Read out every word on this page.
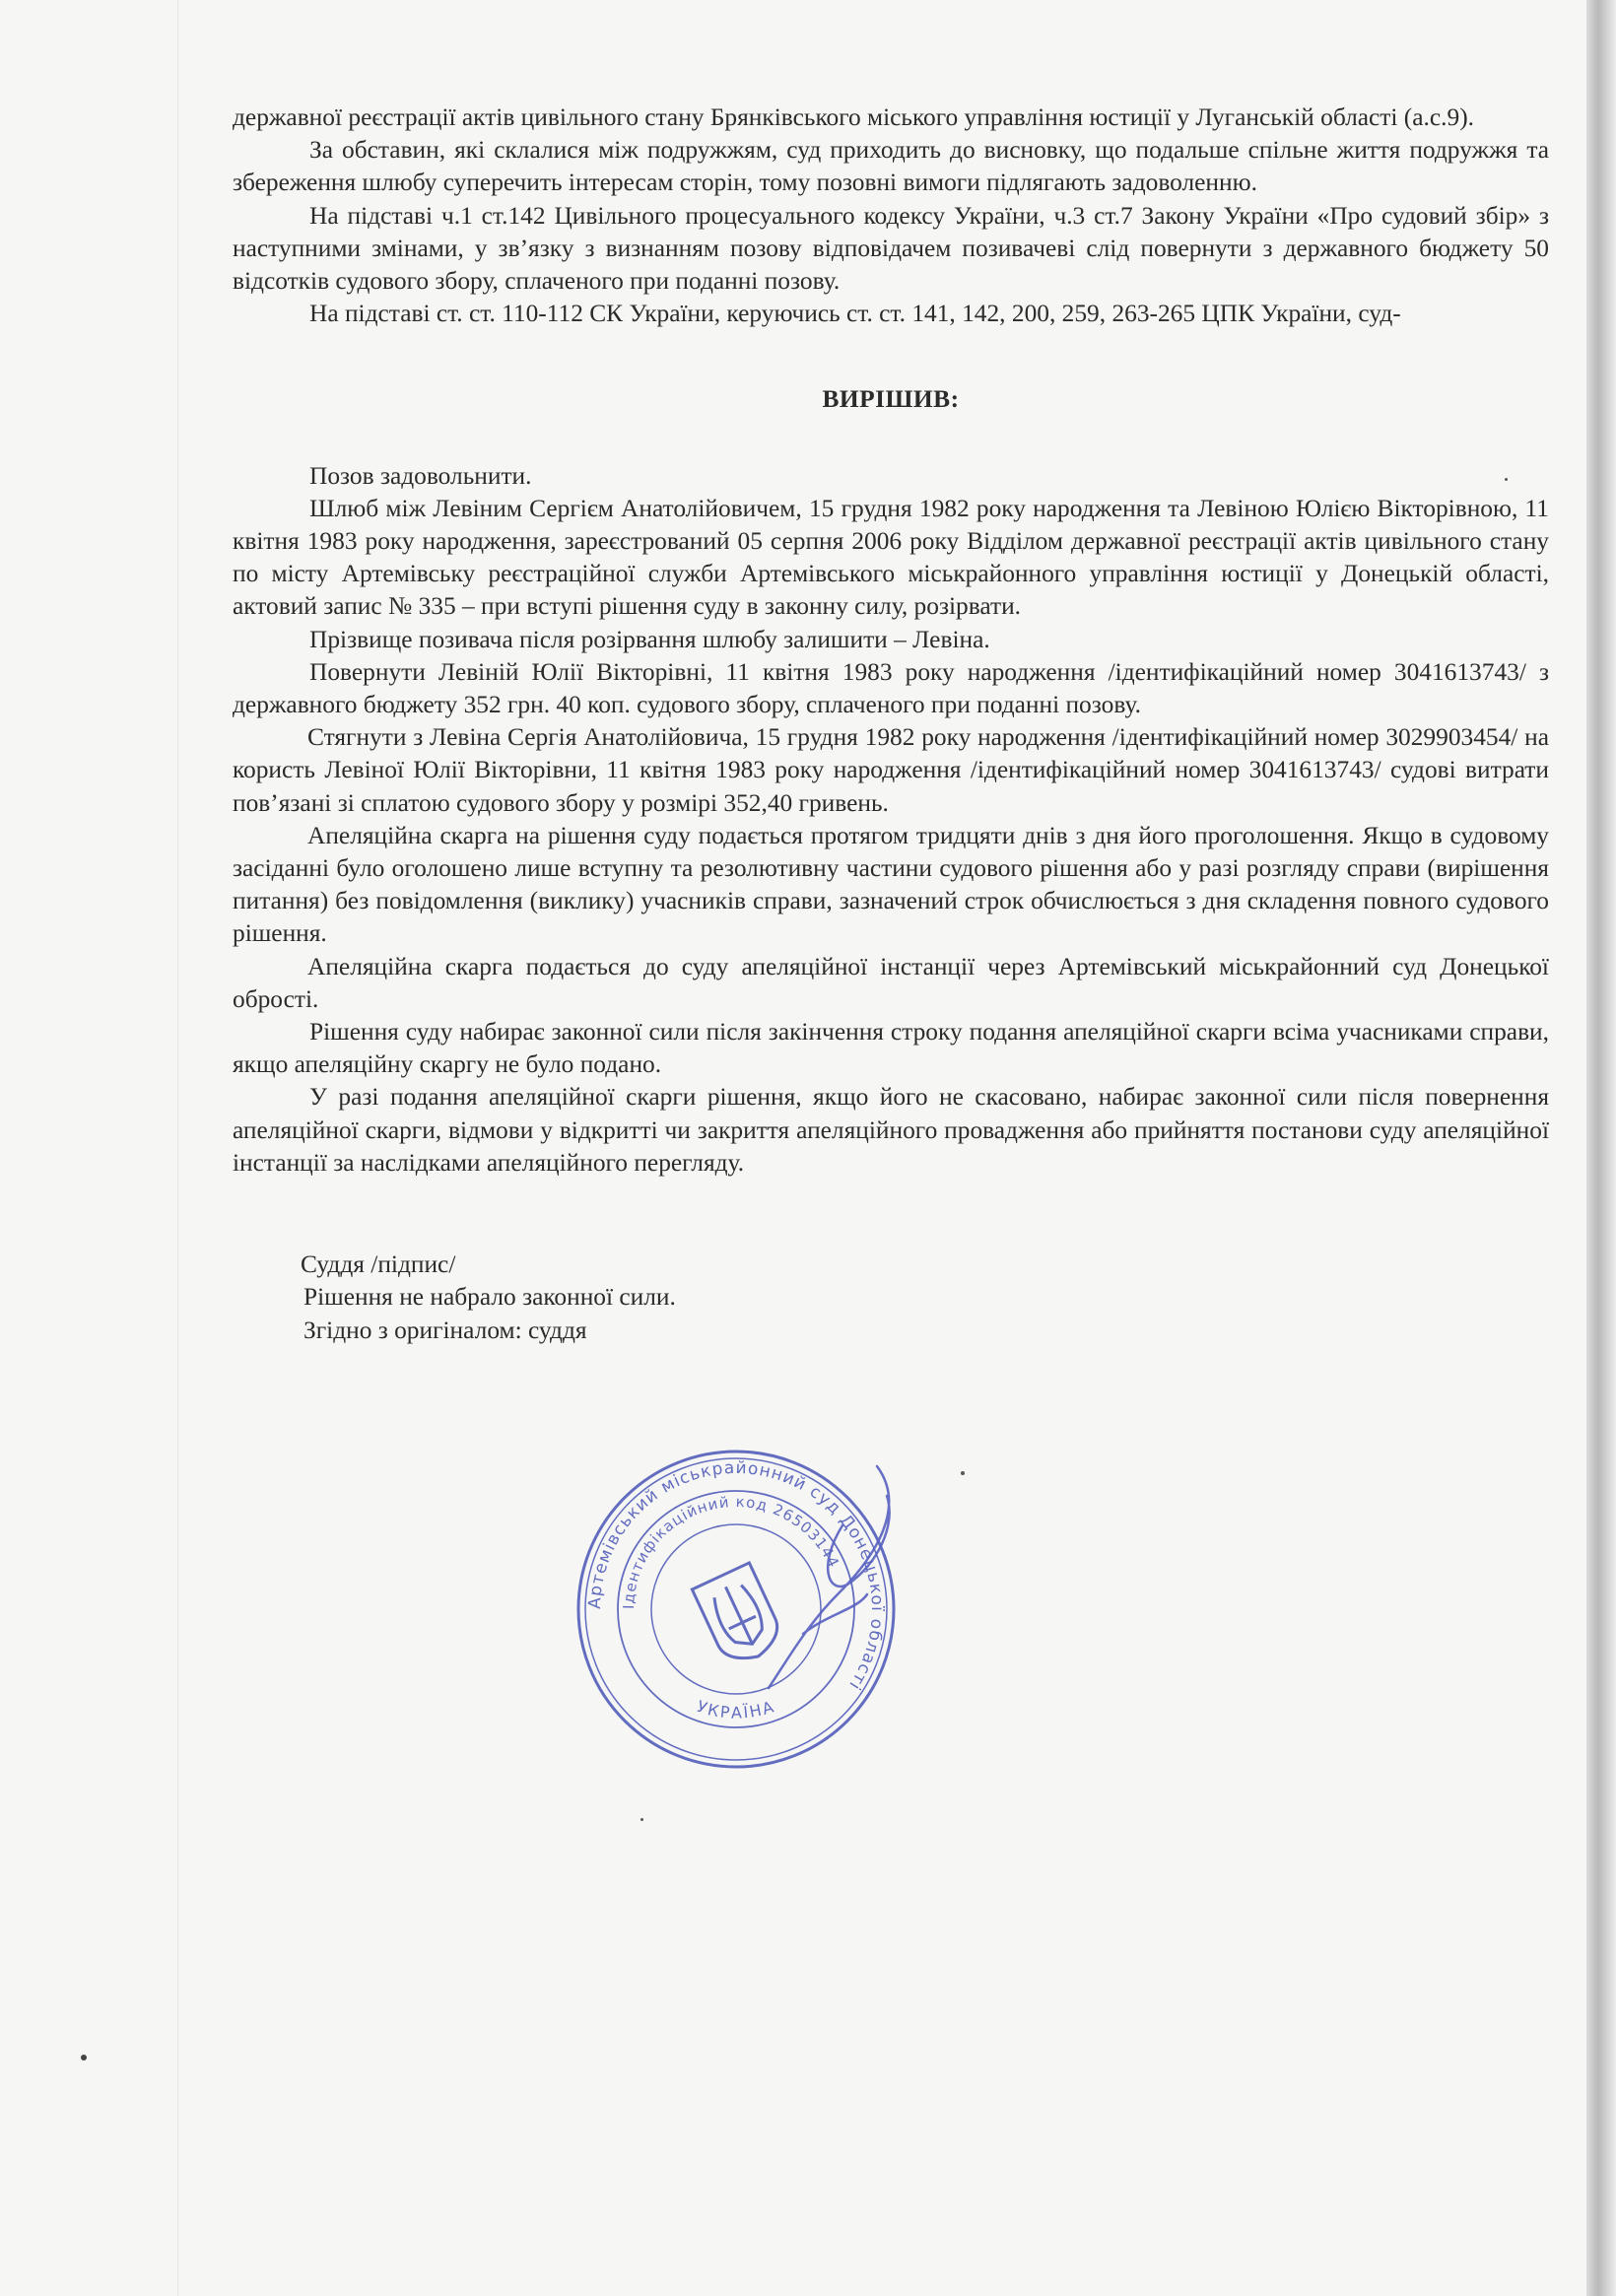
державної реєстрації актів цивільного стану Брянківського міського управління юстиції у Луганській області (а.с.9).

За обставин, які склалися між подружжям, суд приходить до висновку, що подальше спільне життя подружжя та збереження шлюбу суперечить інтересам сторін, тому позовні вимоги підлягають задоволенню.

На підставі ч.1 ст.142 Цивільного процесуального кодексу України, ч.3 ст.7 Закону України «Про судовий збір» з наступними змінами, у зв’язку з визнанням позову відповідачем позивачеві слід повернути з державного бюджету 50 відсотків судового збору, сплаченого при поданні позову.

На підставі ст. ст. 110-112 СК України, керуючись ст. ст. 141, 142, 200, 259, 263-265 ЦПК України, суд-

ВИРІШИВ:

Позов задовольнити.

Шлюб між Левіним Сергієм Анатолійовичем, 15 грудня 1982 року народження та Левіною Юлією Вікторівною, 11 квітня 1983 року народження, зареєстрований 05 серпня 2006 року Відділом державної реєстрації актів цивільного стану по місту Артемівську реєстраційної служби Артемівського міськрайонного управління юстиції у Донецькій області, актовий запис № 335 – при вступі рішення суду в законну силу, розірвати.

Прізвище позивача після розірвання шлюбу залишити – Левіна.

Повернути Левіній Юлії Вікторівні, 11 квітня 1983 року народження /ідентифікаційний номер 3041613743/ з державного бюджету 352 грн. 40 коп. судового збору, сплаченого при поданні позову.

Стягнути з Левіна Сергія Анатолійовича, 15 грудня 1982 року народження /ідентифікаційний номер 3029903454/ на користь Левіної Юлії Вікторівни, 11 квітня 1983 року народження /ідентифікаційний номер 3041613743/ судові витрати пов’язані зі сплатою судового збору у розмірі 352,40 гривень.

Апеляційна скарга на рішення суду подається протягом тридцяти днів з дня його проголошення. Якщо в судовому засіданні було оголошено лише вступну та резолютивну частини судового рішення або у разі розгляду справи (вирішення питання) без повідомлення (виклику) учасників справи, зазначений строк обчислюється з дня складення повного судового рішення.

Апеляційна скарга подається до суду апеляційної інстанції через Артемівський міськрайонний суд Донецької обрості.

Рішення суду набирає законної сили після закінчення строку подання апеляційної скарги всіма учасниками справи, якщо апеляційну скаргу не було подано.

У разі подання апеляційної скарги рішення, якщо його не скасовано, набирає законної сили після повернення апеляційної скарги, відмови у відкритті чи закриття апеляційного провадження або прийняття постанови суду апеляційної інстанції за наслідками апеляційного перегляду.

Суддя /підпис/

Рішення не набрало законної сили.

Згідно з оригіналом: суддя

Артемівський міськрайонний суд Донецької області
Ідентифікаційний код 26503144
УКРАЇНА
